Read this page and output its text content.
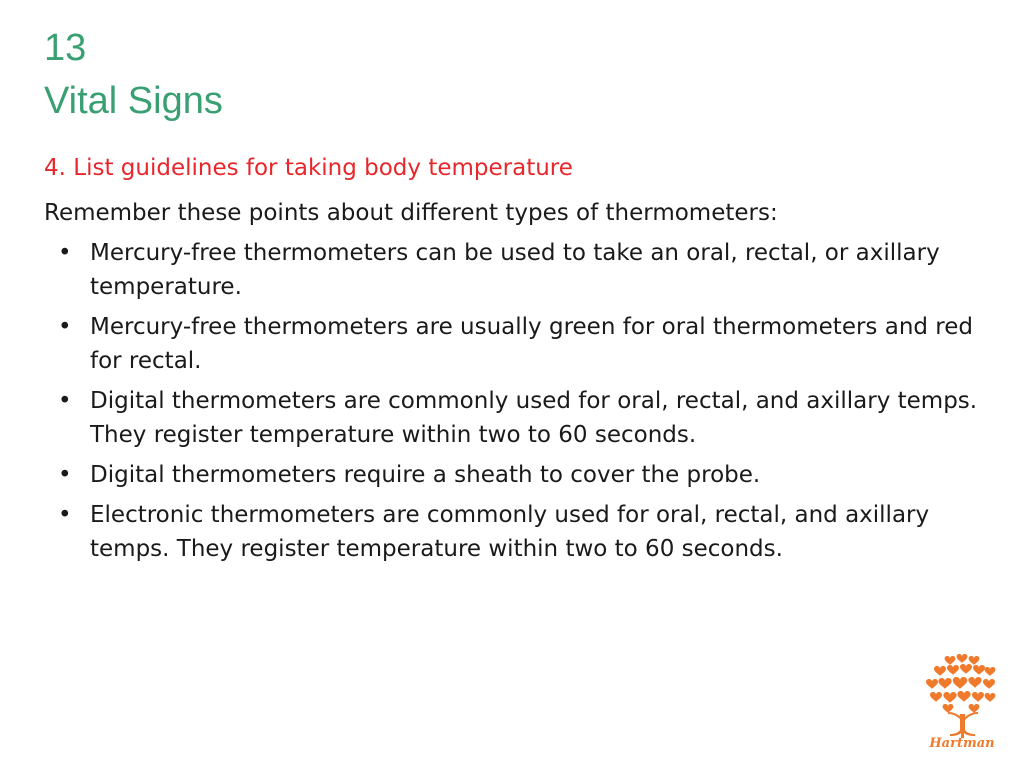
13
Vital Signs
4. List guidelines for taking body temperature
Remember these points about different types of thermometers:
• Mercury-free thermometers can be used to take an oral, rectal, or axillary temperature.
• Mercury-free thermometers are usually green for oral thermometers and red for rectal.
• Digital thermometers are commonly used for oral, rectal, and axillary temps. They register temperature within two to 60 seconds.
• Digital thermometers require a sheath to cover the probe.
• Electronic thermometers are commonly used for oral, rectal, and axillary temps. They register temperature within two to 60 seconds.
Hartman
